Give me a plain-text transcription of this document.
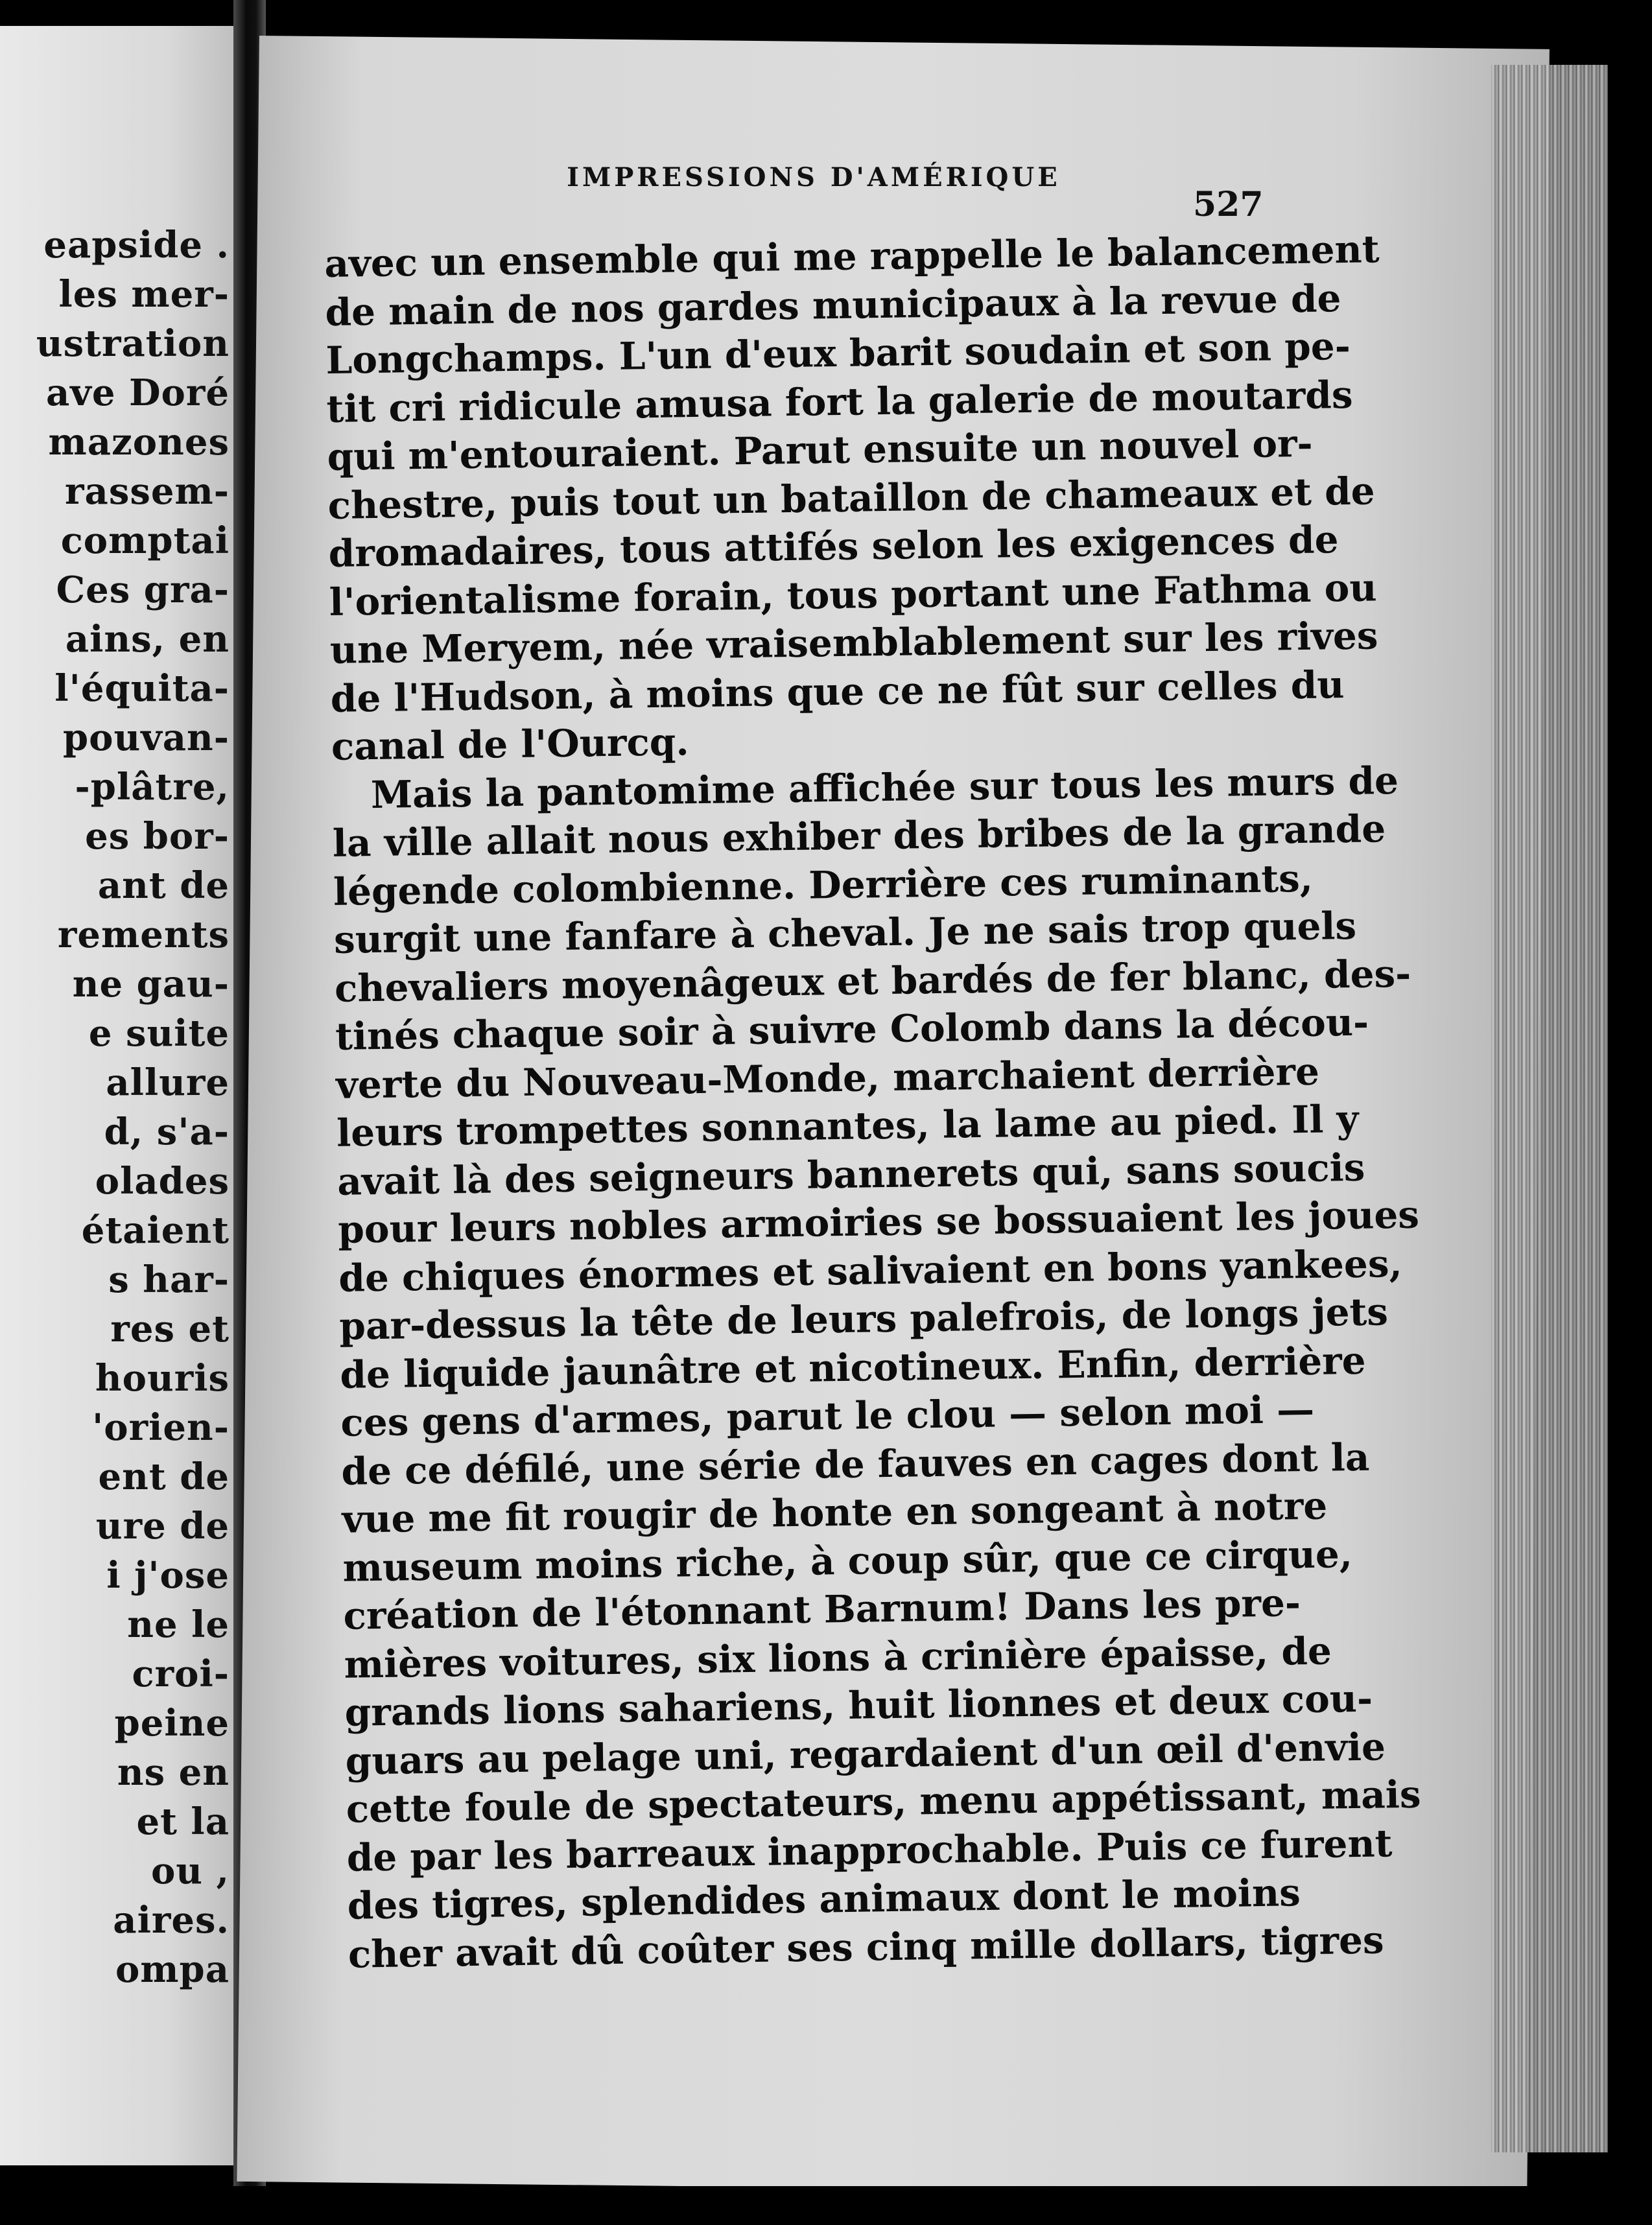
eapside .
les mer-
ustration
ave Doré
mazones
rassem-
comptai
Ces gra-
ains, en
l'équita-
pouvan-
-plâtre,
es bor-
ant de
rements
ne gau-
e suite
allure
d, s'a-
olades
étaient
s har-
res et
houris
'orien-
ent de
ure de
i j'ose
ne le
croi-
peine
ns en
et la
ou ,
aires.
ompa
IMPRESSIONS D'AMÉRIQUE
527
avec un ensemble qui me rappelle le balancement
de main de nos gardes municipaux à la revue de
Longchamps. L'un d'eux barit soudain et son pe-
tit cri ridicule amusa fort la galerie de moutards
qui m'entouraient. Parut ensuite un nouvel or-
chestre, puis tout un bataillon de chameaux et de
dromadaires, tous attifés selon les exigences de
l'orientalisme forain, tous portant une Fathma ou
une Meryem, née vraisemblablement sur les rives
de l'Hudson, à moins que ce ne fût sur celles du
canal de l'Ourcq.
Mais la pantomime affichée sur tous les murs de
la ville allait nous exhiber des bribes de la grande
légende colombienne. Derrière ces ruminants,
surgit une fanfare à cheval. Je ne sais trop quels
chevaliers moyenâgeux et bardés de fer blanc, des-
tinés chaque soir à suivre Colomb dans la décou-
verte du Nouveau-Monde, marchaient derrière
leurs trompettes sonnantes, la lame au pied. Il y
avait là des seigneurs bannerets qui, sans soucis
pour leurs nobles armoiries se bossuaient les joues
de chiques énormes et salivaient en bons yankees,
par-dessus la tête de leurs palefrois, de longs jets
de liquide jaunâtre et nicotineux. Enfin, derrière
ces gens d'armes, parut le clou — selon moi —
de ce défilé, une série de fauves en cages dont la
vue me fit rougir de honte en songeant à notre
museum moins riche, à coup sûr, que ce cirque,
création de l'étonnant Barnum! Dans les pre-
mières voitures, six lions à crinière épaisse, de
grands lions sahariens, huit lionnes et deux cou-
guars au pelage uni, regardaient d'un œil d'envie
cette foule de spectateurs, menu appétissant, mais
de par les barreaux inapprochable. Puis ce furent
des tigres, splendides animaux dont le moins
cher avait dû coûter ses cinq mille dollars, tigres
